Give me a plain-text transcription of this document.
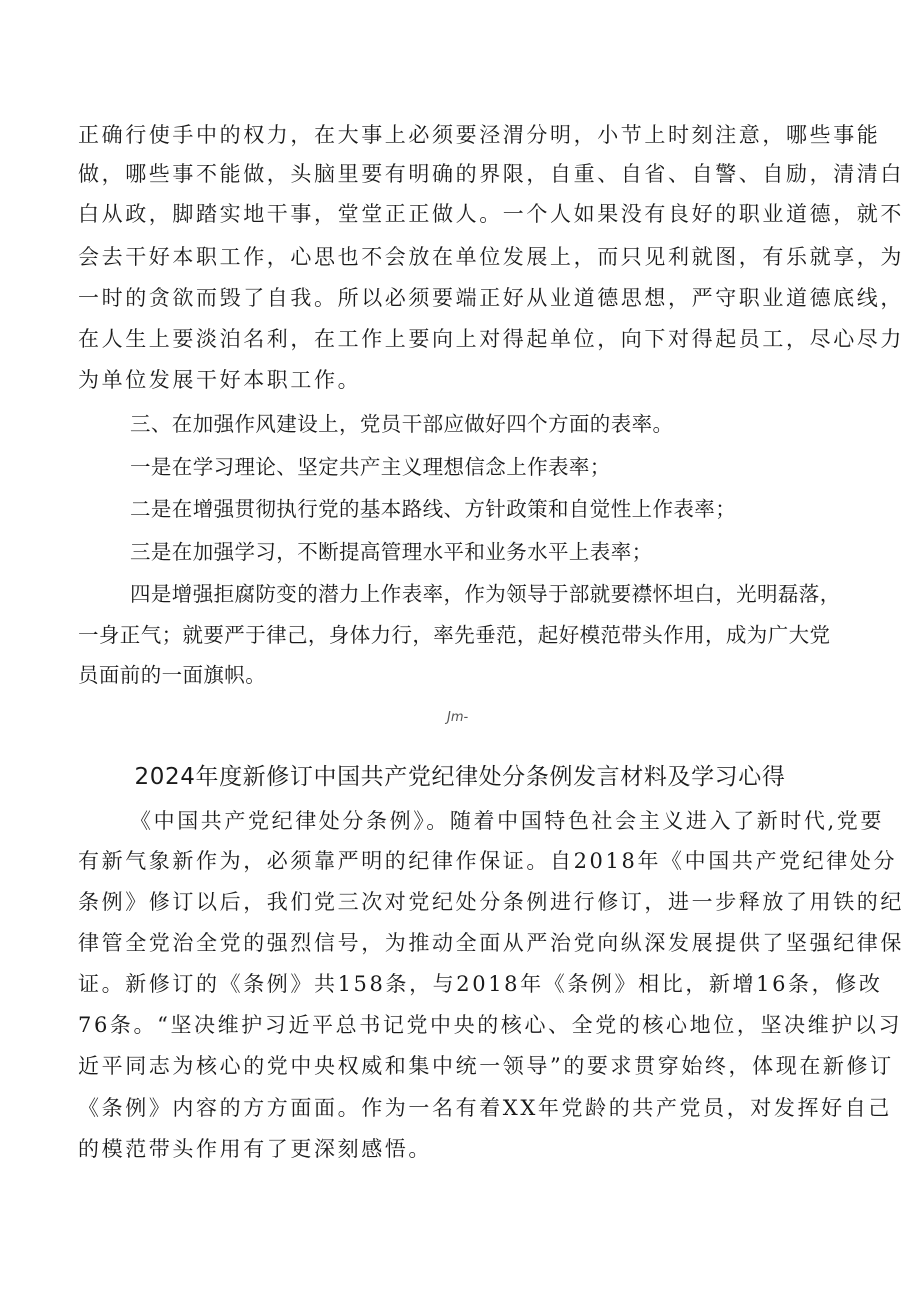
正确行使手中的权力，在大事上必须要泾渭分明，小节上时刻注意，哪些事能
做，哪些事不能做，头脑里要有明确的界限，自重、自省、自警、自励，清清白
白从政，脚踏实地干事，堂堂正正做人。一个人如果没有良好的职业道德，就不
会去干好本职工作，心思也不会放在单位发展上，而只见利就图，有乐就享，为
一时的贪欲而毁了自我。所以必须要端正好从业道德思想，严守职业道德底线，
在人生上要淡泊名利，在工作上要向上对得起单位，向下对得起员工，尽心尽力
为单位发展干好本职工作。
三、在加强作风建设上，党员干部应做好四个方面的表率。
一是在学习理论、坚定共产主义理想信念上作表率；
二是在增强贯彻执行党的基本路线、方针政策和自觉性上作表率；
三是在加强学习，不断提高管理水平和业务水平上表率；
四是增强拒腐防变的潜力上作表率，作为领导于部就要襟怀坦白，光明磊落，
一身正气；就要严于律己，身体力行，率先垂范，起好模范带头作用，成为广大党
员面前的一面旗帜。
Jm-
2024年度新修订中国共产党纪律处分条例发言材料及学习心得
《中国共产党纪律处分条例》。随着中国特色社会主义进入了新时代,党要
有新气象新作为，必须靠严明的纪律作保证。自2018年《中国共产党纪律处分
条例》修订以后，我们党三次对党纪处分条例进行修订，进一步释放了用铁的纪
律管全党治全党的强烈信号，为推动全面从严治党向纵深发展提供了坚强纪律保
证。新修订的《条例》共158条，与2018年《条例》相比，新增16条，修改
76条。“坚决维护习近平总书记党中央的核心、全党的核心地位，坚决维护以习
近平同志为核心的党中央权威和集中统一领导”的要求贯穿始终，体现在新修订
《条例》内容的方方面面。作为一名有着XX年党龄的共产党员，对发挥好自己
的模范带头作用有了更深刻感悟。
